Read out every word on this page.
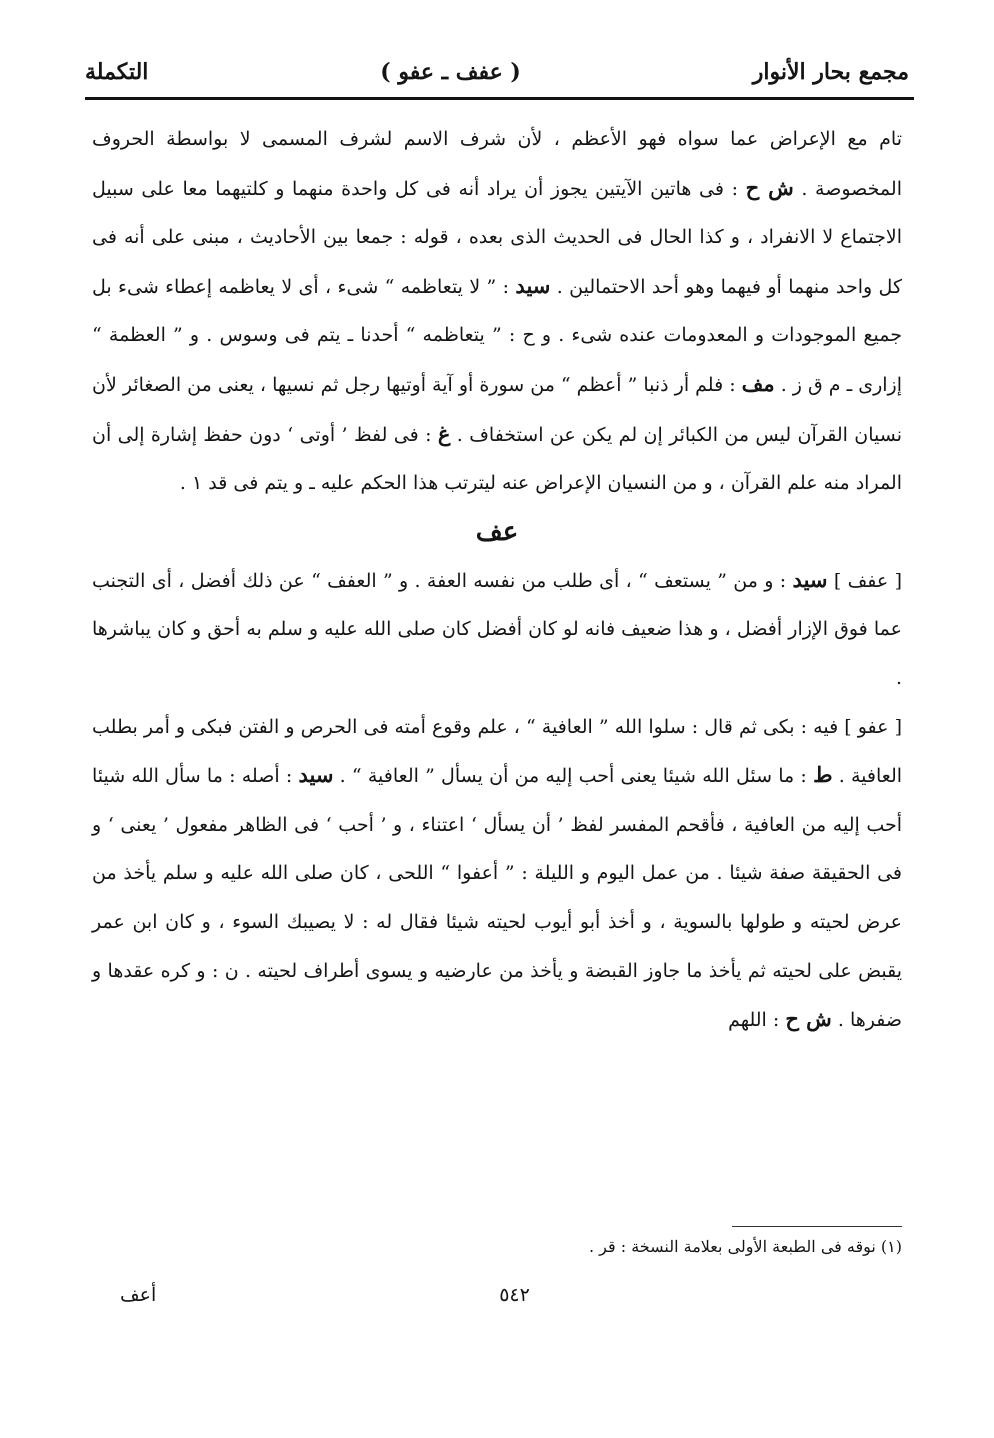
مجمع بحار الأنوار
( عفف ـ عفو )
التكملة

تام مع الإعراض عما سواه فهو الأعظم ، لأن شرف الاسم لشرف المسمى لا بواسطة الحروف المخصوصة . ش ح : فى هاتين الآيتين يجوز أن يراد أنه فى كل واحدة منهما و كلتيهما معا على سبيل الاجتماع لا الانفراد ، و كذا الحال فى الحديث الذى بعده ، قوله : جمعا بين الأحاديث ، مبنى على أنه فى كل واحد منهما أو فيهما وهو أحد الاحتمالين . سيد : ” لا يتعاظمه “ شىء ، أى لا يعاظمه إعطاء شىء بل جميع الموجودات و المعدومات عنده شىء . و ح : ” يتعاظمه “ أحدنا ـ يتم فى وسوس . و ” العظمة “ إزارى ـ م ق ز . مف : فلم أر ذنبا ” أعظم “ من سورة أو آية أوتيها رجل ثم نسيها ، يعنى من الصغائر لأن نسيان القرآن ليس من الكبائر إن لم يكن عن استخفاف . غ : فى لفظ ’ أوتى ‘ دون حفظ إشارة إلى أن المراد منه علم القرآن ، و من النسيان الإعراض عنه ليترتب هذا الحكم عليه ـ و يتم فى قد ١ .

عف

[ عفف ] سيد : و من ” يستعف “ ، أى طلب من نفسه العفة . و ” العفف “ عن ذلك أفضل ، أى التجنب عما فوق الإزار أفضل ، و هذا ضعيف فانه لو كان أفضل كان صلى الله عليه و سلم به أحق و كان يباشرها .

[ عفو ] فيه : بكى ثم قال : سلوا الله ” العافية “ ، علم وقوع أمته فى الحرص و الفتن فبكى و أمر بطلب العافية . ط : ما سئل الله شيئا يعنى أحب إليه من أن يسأل ” العافية “ . سيد : أصله : ما سأل الله شيئا أحب إليه من العافية ، فأقحم المفسر لفظ ’ أن يسأل ‘ اعتناء ، و ’ أحب ‘ فى الظاهر مفعول ’ يعنى ‘ و فى الحقيقة صفة شيئا . من عمل اليوم و الليلة : ” أعفوا “ اللحى ، كان صلى الله عليه و سلم يأخذ من عرض لحيته و طولها بالسوية ، و أخذ أبو أيوب لحيته شيئا فقال له : لا يصيبك السوء ، و كان ابن عمر يقبض على لحيته ثم يأخذ ما جاوز القبضة و يأخذ من عارضيه و يسوى أطراف لحيته . ن : و كره عقدها و ضفرها . ش ح : اللهم

(١) نوقه فى الطبعة الأولى بعلامة النسخة : قر .
٥٤٢
أعف
